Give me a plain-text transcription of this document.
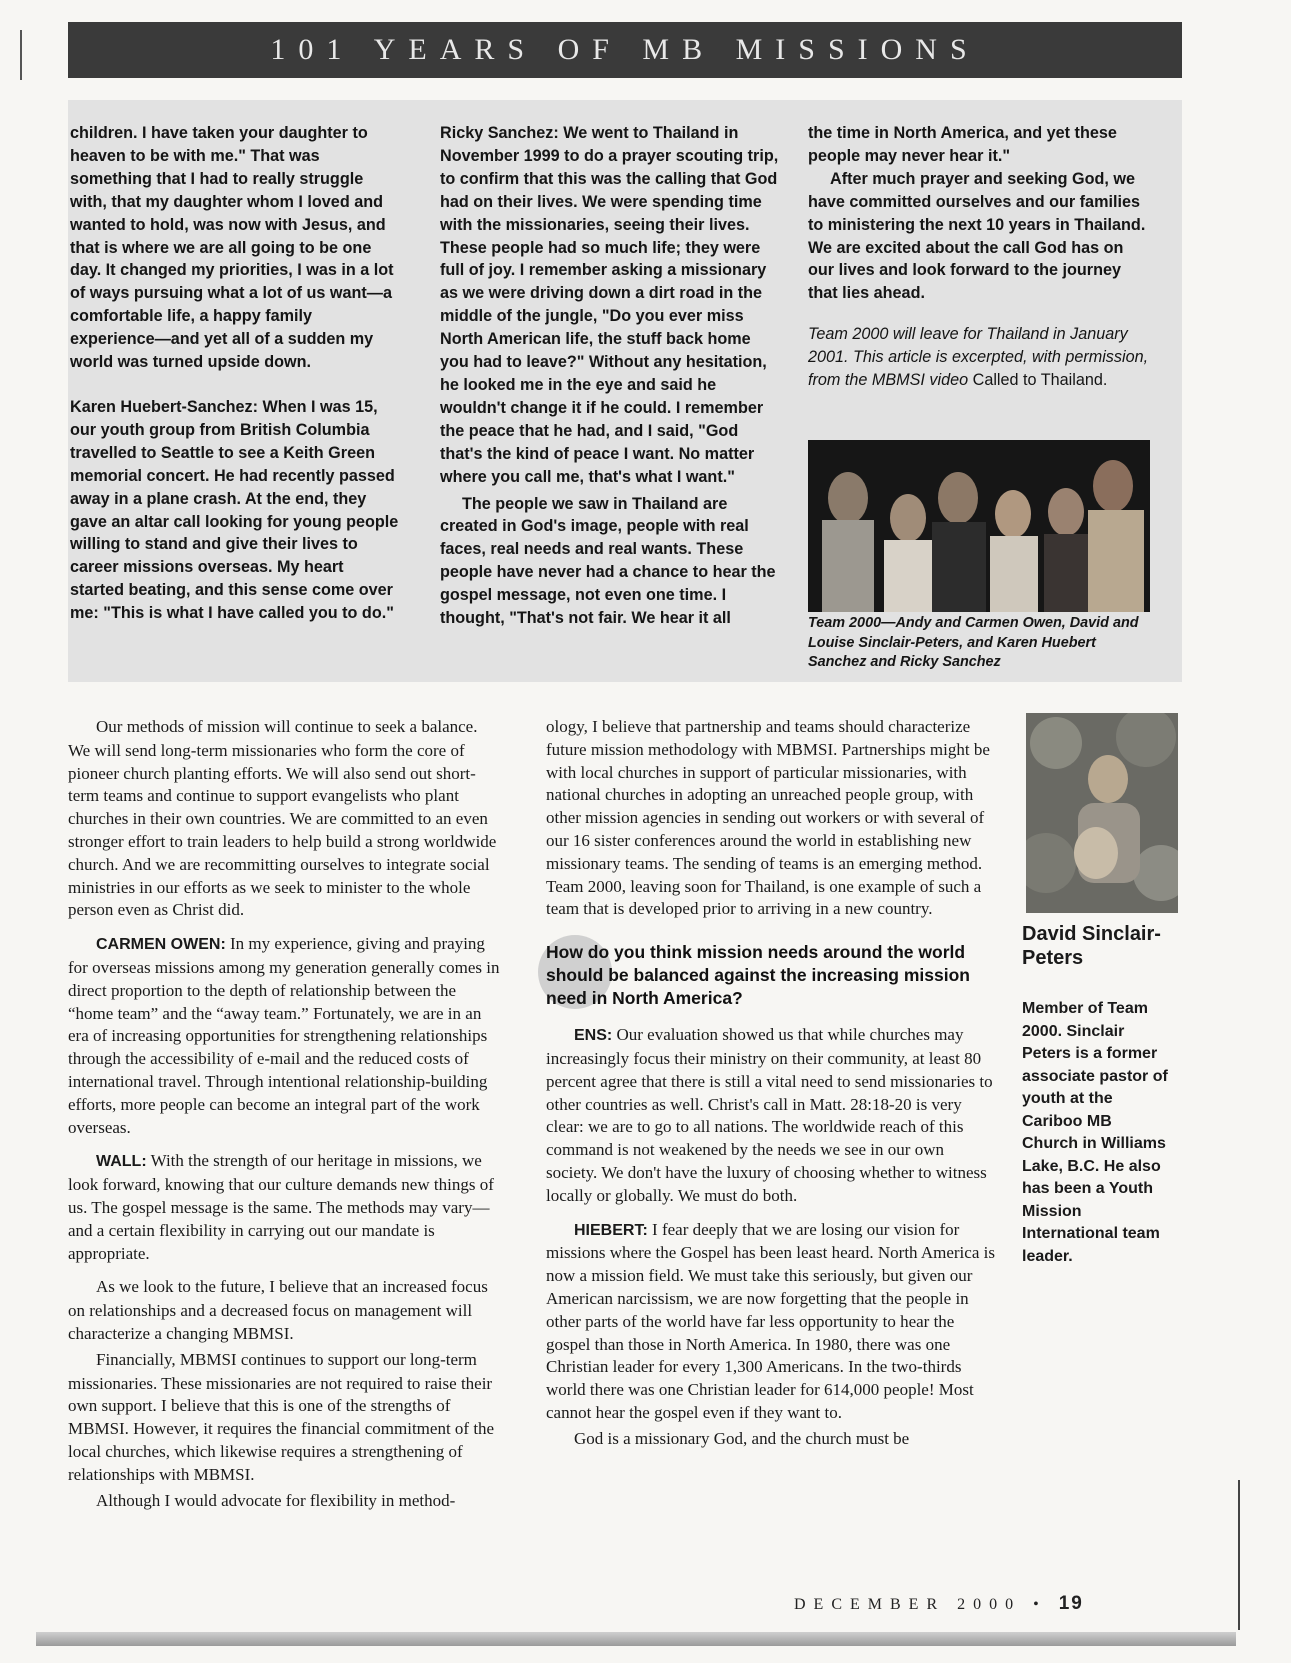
101 YEARS OF MB MISSIONS

children. I have taken your daughter to heaven to be with me." That was something that I had to really struggle with, that my daughter whom I loved and wanted to hold, was now with Jesus, and that is where we are all going to be one day. It changed my priorities, I was in a lot of ways pursuing what a lot of us want—a comfortable life, a happy family experience—and yet all of a sudden my world was turned upside down.

Karen Huebert-Sanchez: When I was 15, our youth group from British Columbia travelled to Seattle to see a Keith Green memorial concert. He had recently passed away in a plane crash. At the end, they gave an altar call looking for young people willing to stand and give their lives to career missions overseas. My heart started beating, and this sense come over me: "This is what I have called you to do."

Ricky Sanchez: We went to Thailand in November 1999 to do a prayer scouting trip, to confirm that this was the calling that God had on their lives. We were spending time with the missionaries, seeing their lives. These people had so much life; they were full of joy. I remember asking a missionary as we were driving down a dirt road in the middle of the jungle, "Do you ever miss North American life, the stuff back home you had to leave?" Without any hesitation, he looked me in the eye and said he wouldn't change it if he could. I remember the peace that he had, and I said, "God that's the kind of peace I want. No matter where you call me, that's what I want."

The people we saw in Thailand are created in God's image, people with real faces, real needs and real wants. These people have never had a chance to hear the gospel message, not even one time. I thought, "That's not fair. We hear it all

the time in North America, and yet these people may never hear it."

After much prayer and seeking God, we have committed ourselves and our families to ministering the next 10 years in Thailand. We are excited about the call God has on our lives and look forward to the journey that lies ahead.

Team 2000 will leave for Thailand in January 2001. This article is excerpted, with permission, from the MBMSI video Called to Thailand.
Team 2000—Andy and Carmen Owen, David and Louise Sinclair-Peters, and Karen Huebert Sanchez and Ricky Sanchez

Our methods of mission will continue to seek a balance. We will send long-term missionaries who form the core of pioneer church planting efforts. We will also send out short-term teams and continue to support evangelists who plant churches in their own countries. We are committed to an even stronger effort to train leaders to help build a strong worldwide church. And we are recommitting ourselves to integrate social ministries in our efforts as we seek to minister to the whole person even as Christ did.

CARMEN OWEN: In my experience, giving and praying for overseas missions among my generation generally comes in direct proportion to the depth of relationship between the “home team” and the “away team.” Fortunately, we are in an era of increasing opportunities for strengthening relationships through the accessibility of e-mail and the reduced costs of international travel. Through intentional relationship-building efforts, more people can become an integral part of the work overseas.

WALL: With the strength of our heritage in missions, we look forward, knowing that our culture demands new things of us. The gospel message is the same. The methods may vary—and a certain flexibility in carrying out our mandate is appropriate.

As we look to the future, I believe that an increased focus on relationships and a decreased focus on management will characterize a changing MBMSI.

Financially, MBMSI continues to support our long-term missionaries. These missionaries are not required to raise their own support. I believe that this is one of the strengths of MBMSI. However, it requires the financial commitment of the local churches, which likewise requires a strengthening of relationships with MBMSI.

Although I would advocate for flexibility in method-

ology, I believe that partnership and teams should characterize future mission methodology with MBMSI. Partnerships might be with local churches in support of particular missionaries, with national churches in adopting an unreached people group, with other mission agencies in sending out workers or with several of our 16 sister conferences around the world in establishing new missionary teams. The sending of teams is an emerging method. Team 2000, leaving soon for Thailand, is one example of such a team that is developed prior to arriving in a new country.

How do you think mission needs around the world should be balanced against the increasing mission need in North America?

ENS: Our evaluation showed us that while churches may increasingly focus their ministry on their community, at least 80 percent agree that there is still a vital need to send missionaries to other countries as well. Christ's call in Matt. 28:18-20 is very clear: we are to go to all nations. The worldwide reach of this command is not weakened by the needs we see in our own society. We don't have the luxury of choosing whether to witness locally or globally. We must do both.

HIEBERT: I fear deeply that we are losing our vision for missions where the Gospel has been least heard. North America is now a mission field. We must take this seriously, but given our American narcissism, we are now forgetting that the people in other parts of the world have far less opportunity to hear the gospel than those in North America. In 1980, there was one Christian leader for every 1,300 Americans. In the two-thirds world there was one Christian leader for 614,000 people! Most cannot hear the gospel even if they want to.

God is a missionary God, and the church must be

David Sinclair-Peters
Member of Team 2000. Sinclair Peters is a former associate pastor of youth at the Cariboo MB Church in Williams Lake, B.C. He also has been a Youth Mission International team leader.
DECEMBER 2000 • 19
